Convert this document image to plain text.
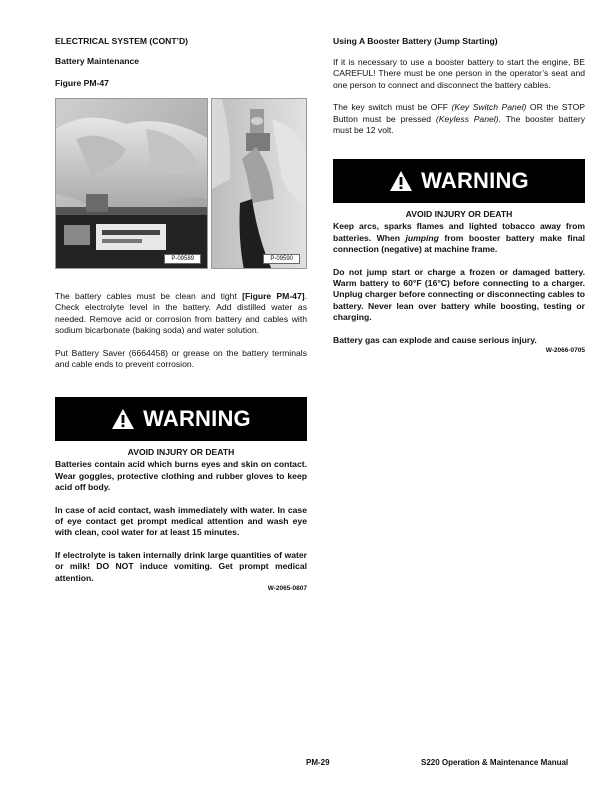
ELECTRICAL SYSTEM (CONT’D)

Battery Maintenance

Figure PM-47

P-09589	P-09590

The battery cables must be clean and tight [Figure PM-47]. Check electrolyte level in the battery. Add distilled water as needed. Remove acid or corrosion from battery and cables with sodium bicarbonate (baking soda) and water solution.

Put Battery Saver (6664458) or grease on the battery terminals and cable ends to prevent corrosion.

WARNING

AVOID INJURY OR DEATH

Batteries contain acid which burns eyes and skin on contact. Wear goggles, protective clothing and rubber gloves to keep acid off body.

In case of acid contact, wash immediately with water. In case of eye contact get prompt medical attention and wash eye with clean, cool water for at least 15 minutes.

If electrolyte is taken internally drink large quantities of water or milk! DO NOT induce vomiting. Get prompt medical attention.

W-2065-0807

Using A Booster Battery (Jump Starting)

If it is necessary to use a booster battery to start the engine, BE CAREFUL! There must be one person in the operator’s seat and one person to connect and disconnect the battery cables.

The key switch must be OFF (Key Switch Panel) OR the STOP Button must be pressed (Keyless Panel). The booster battery must be 12 volt.

WARNING

AVOID INJURY OR DEATH

Keep arcs, sparks flames and lighted tobacco away from batteries. When jumping from booster battery make final connection (negative) at machine frame.

Do not jump start or charge a frozen or damaged battery. Warm battery to 60°F (16°C) before connecting to a charger. Unplug charger before connecting or disconnecting cables to battery. Never lean over battery while boosting, testing or charging.

Battery gas can explode and cause serious injury.

W-2066-0705
PM-29	S220 Operation & Maintenance Manual
